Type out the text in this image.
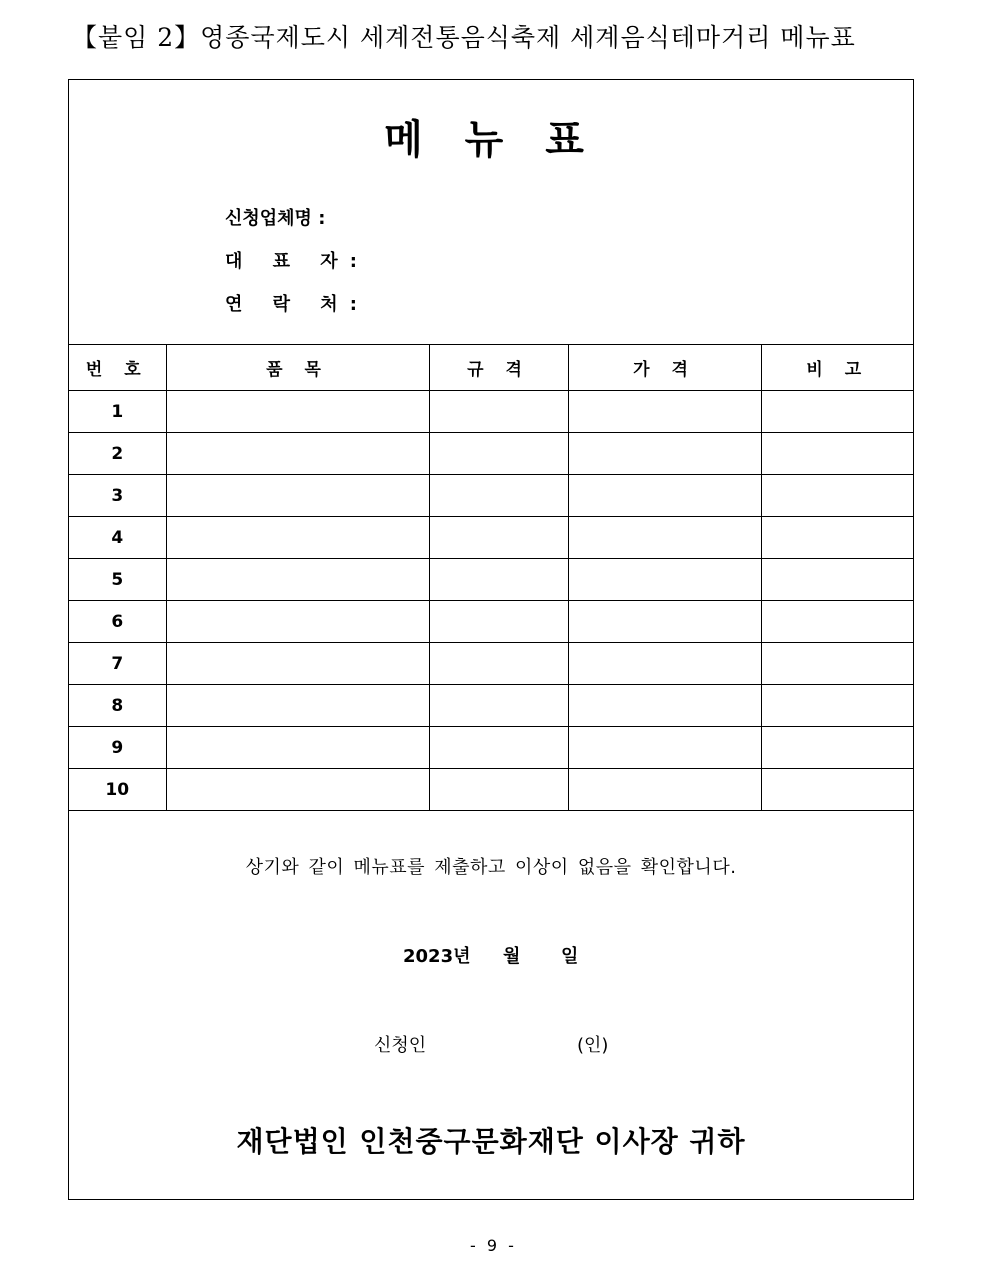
【붙임 2】영종국제도시 세계전통음식축제 세계음식테마거리 메뉴표
메 뉴 표
신청업체명 :
대 표 자:
연 락 처:
번 호	품 목	규 격	가 격	비 고
1				
2				
3				
4				
5				
6				
7				
8				
9				
10				
상기와 같이 메뉴표를 제출하고 이상이 없음을 확인합니다.
2023년 월 일
신청인	(인)
재단법인 인천중구문화재단 이사장 귀하
- 9 -
